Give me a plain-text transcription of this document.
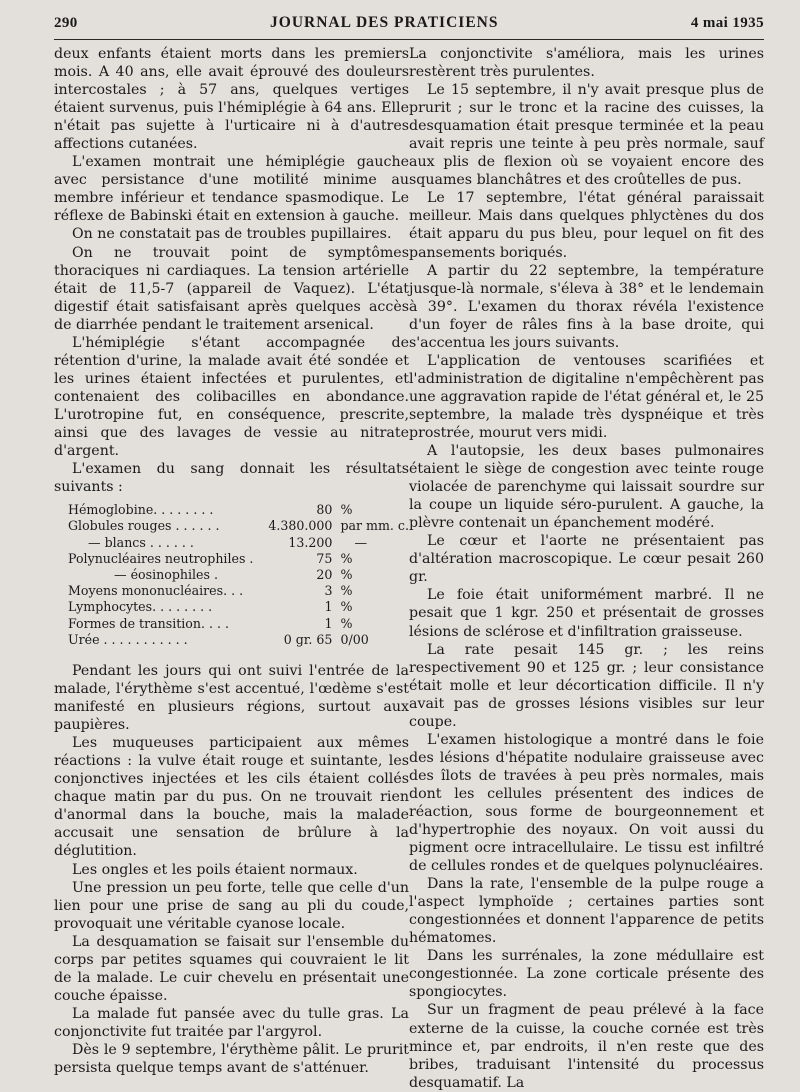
290	JOURNAL DES PRATICIENS	4 mai 1935

deux enfants étaient morts dans les premiers mois. A 40 ans, elle avait éprouvé des douleurs intercostales ; à 57 ans, quelques vertiges étaient survenus, puis l'hémiplégie à 64 ans. Elle n'était pas sujette à l'urticaire ni à d'autres affections cutanées.

L'examen montrait une hémiplégie gauche avec persistance d'une motilité minime au membre inférieur et tendance spasmodique. Le réflexe de Babinski était en extension à gauche.

On ne constatait pas de troubles pupillaires.

On ne trouvait point de symptômes thoraciques ni cardiaques. La tension artérielle était de 11,5-7 (appareil de Vaquez). L'état digestif était satisfaisant après quelques accès de diarrhée pendant le traitement arsenical.

L'hémiplégie s'étant accompagnée de rétention d'urine, la malade avait été sondée et les urines étaient infectées et purulentes, et contenaient des colibacilles en abondance. L'urotropine fut, en conséquence, prescrite, ainsi que des lavages de vessie au nitrate d'argent.

L'examen du sang donnait les résultats suivants :

Hémoglobine. . . . . . . .	80	%
Globules rouges . . . . . .	4.380.000	par mm. c.
— blancs . . . . . .	13.200	—
Polynucléaires neutrophiles .	75	%
— éosinophiles .	20	%
Moyens mononucléaires. . .	3	%
Lymphocytes. . . . . . . .	1	%
Formes de transition. . . .	1	%
Urée . . . . . . . . . . .	0 gr. 65	0/00

Pendant les jours qui ont suivi l'entrée de la malade, l'érythème s'est accentué, l'œdème s'est manifesté en plusieurs régions, surtout aux paupières.

Les muqueuses participaient aux mêmes réactions : la vulve était rouge et suintante, les conjonctives injectées et les cils étaient collés chaque matin par du pus. On ne trouvait rien d'anormal dans la bouche, mais la malade accusait une sensation de brûlure à la déglutition.

Les ongles et les poils étaient normaux.

Une pression un peu forte, telle que celle d'un lien pour une prise de sang au pli du coude, provoquait une véritable cyanose locale.

La desquamation se faisait sur l'ensemble du corps par petites squames qui couvraient le lit de la malade. Le cuir chevelu en présentait une couche épaisse.

La malade fut pansée avec du tulle gras. La conjonctivite fut traitée par l'argyrol.

Dès le 9 septembre, l'érythème pâlit. Le prurit persista quelque temps avant de s'atténuer.

La conjonctivite s'améliora, mais les urines restèrent très purulentes.

Le 15 septembre, il n'y avait presque plus de prurit ; sur le tronc et la racine des cuisses, la desquamation était presque terminée et la peau avait repris une teinte à peu près normale, sauf aux plis de flexion où se voyaient encore des squames blanchâtres et des croûtelles de pus.

Le 17 septembre, l'état général paraissait meilleur. Mais dans quelques phlyctènes du dos était apparu du pus bleu, pour lequel on fit des pansements boriqués.

A partir du 22 septembre, la température jusque-là normale, s'éleva à 38° et le lendemain à 39°. L'examen du thorax révéla l'existence d'un foyer de râles fins à la base droite, qui s'accentua les jours suivants.

L'application de ventouses scarifiées et l'administration de digitaline n'empêchèrent pas une aggravation rapide de l'état général et, le 25 septembre, la malade très dyspnéique et très prostrée, mourut vers midi.

A l'autopsie, les deux bases pulmonaires étaient le siège de congestion avec teinte rouge violacée de parenchyme qui laissait sourdre sur la coupe un liquide séro-purulent. A gauche, la plèvre contenait un épanchement modéré.

Le cœur et l'aorte ne présentaient pas d'altération macroscopique. Le cœur pesait 260 gr.

Le foie était uniformément marbré. Il ne pesait que 1 kgr. 250 et présentait de grosses lésions de sclérose et d'infiltration graisseuse.

La rate pesait 145 gr. ; les reins respectivement 90 et 125 gr. ; leur consistance était molle et leur décortication difficile. Il n'y avait pas de grosses lésions visibles sur leur coupe.

L'examen histologique a montré dans le foie des lésions d'hépatite nodulaire graisseuse avec des îlots de travées à peu près normales, mais dont les cellules présentent des indices de réaction, sous forme de bourgeonnement et d'hypertrophie des noyaux. On voit aussi du pigment ocre intracellulaire. Le tissu est infiltré de cellules rondes et de quelques polynucléaires.

Dans la rate, l'ensemble de la pulpe rouge a l'aspect lymphoïde ; certaines parties sont congestionnées et donnent l'apparence de petits hématomes.

Dans les surrénales, la zone médullaire est congestionnée. La zone corticale présente des spongiocytes.

Sur un fragment de peau prélevé à la face externe de la cuisse, la couche cornée est très mince et, par endroits, il n'en reste que des bribes, traduisant l'intensité du processus desquamatif. La
